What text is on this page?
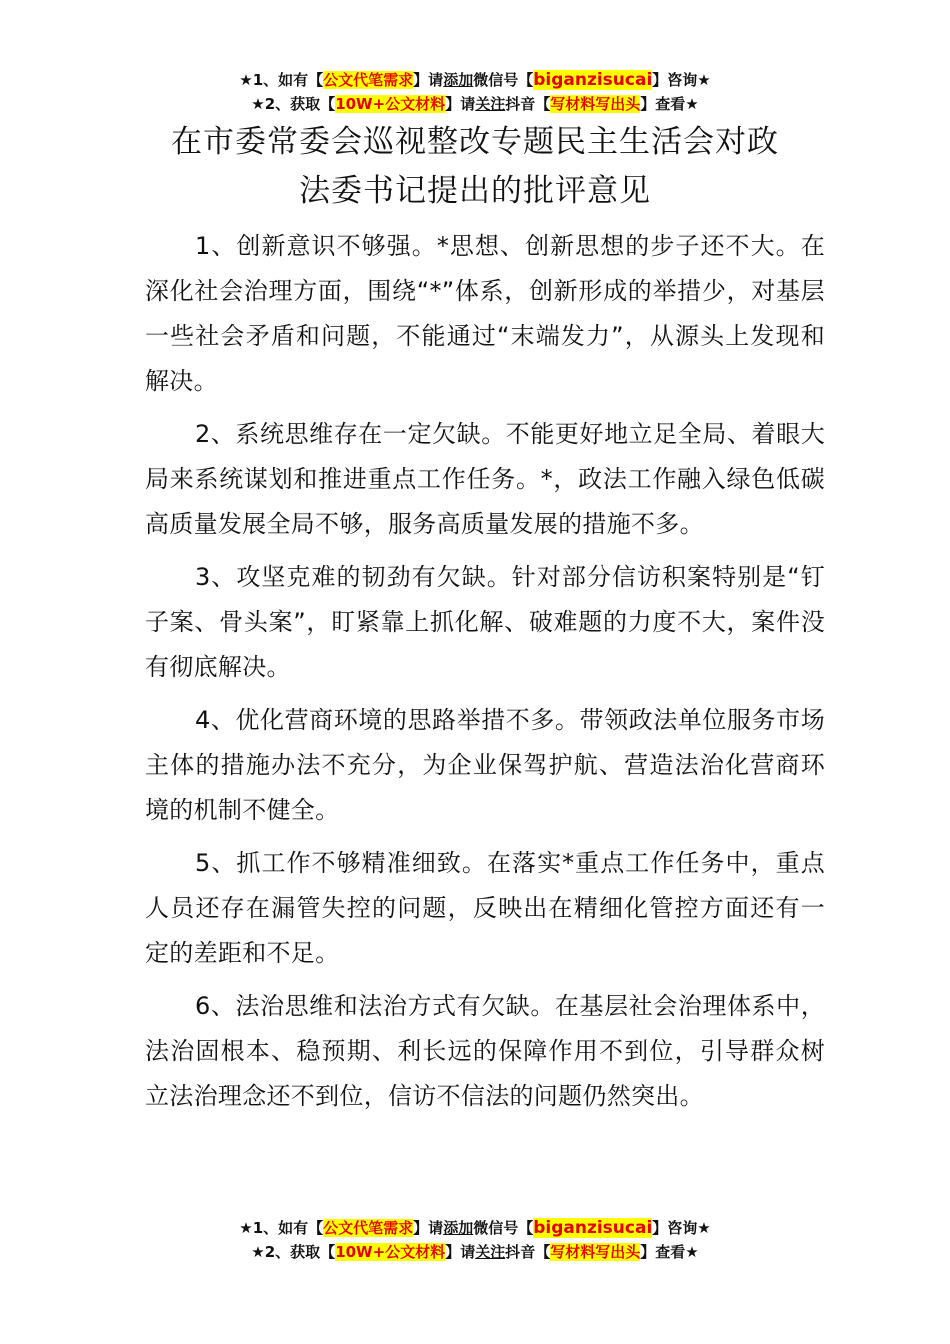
★1、如有【公文代笔需求】请添加微信号【biganzisucai】咨询★
★2、获取【10W+公文材料】请关注抖音【写材料写出头】查看★
在市委常委会巡视整改专题民主生活会对政
法委书记提出的批评意见

1、创新意识不够强。*思想、创新思想的步子还不大。在深化社会治理方面，围绕“*”体系，创新形成的举措少，对基层一些社会矛盾和问题，不能通过“末端发力”，从源头上发现和解决。

2、系统思维存在一定欠缺。不能更好地立足全局、着眼大局来系统谋划和推进重点工作任务。*，政法工作融入绿色低碳高质量发展全局不够，服务高质量发展的措施不多。

3、攻坚克难的韧劲有欠缺。针对部分信访积案特别是“钉子案、骨头案”，盯紧靠上抓化解、破难题的力度不大，案件没有彻底解决。

4、优化营商环境的思路举措不多。带领政法单位服务市场主体的措施办法不充分，为企业保驾护航、营造法治化营商环境的机制不健全。

5、抓工作不够精准细致。在落实*重点工作任务中，重点人员还存在漏管失控的问题，反映出在精细化管控方面还有一定的差距和不足。

6、法治思维和法治方式有欠缺。在基层社会治理体系中，法治固根本、稳预期、利长远的保障作用不到位，引导群众树立法治理念还不到位，信访不信法的问题仍然突出。

★1、如有【公文代笔需求】请添加微信号【biganzisucai】咨询★
★2、获取【10W+公文材料】请关注抖音【写材料写出头】查看★
